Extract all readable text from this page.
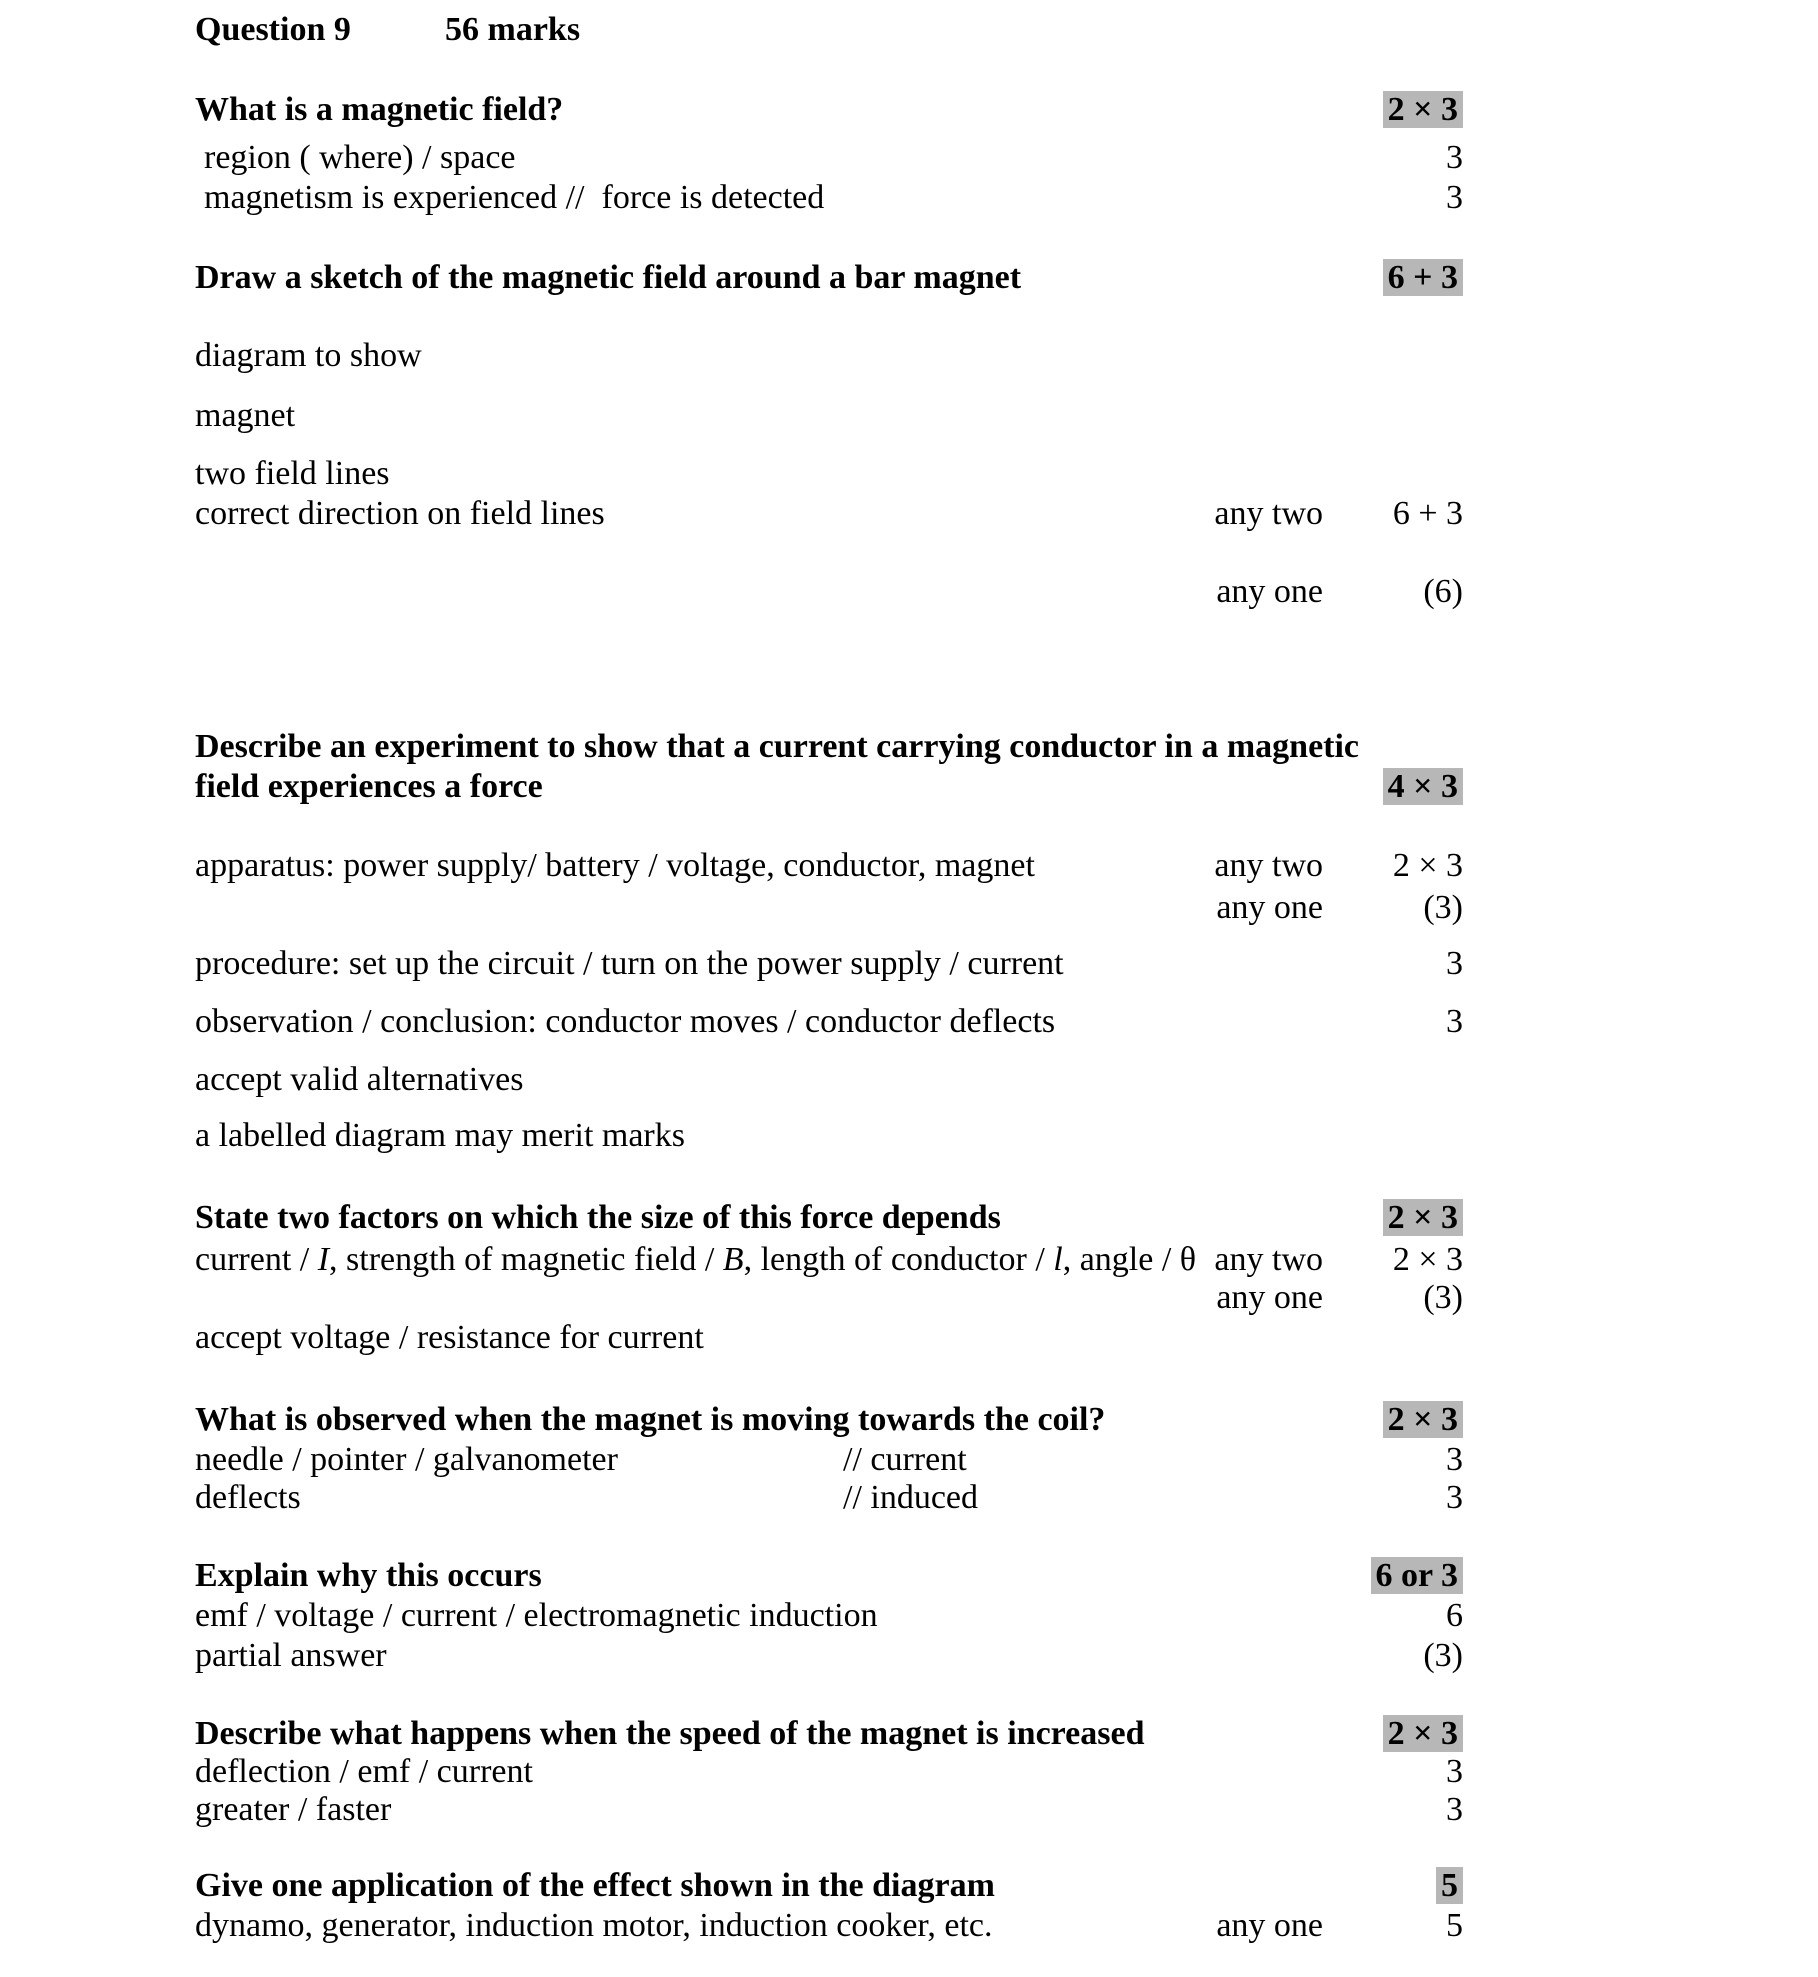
Question 9	56 marks
What is a magnetic field?	2 × 3
region ( where) / space	3
magnetism is experienced //  force is detected	3
Draw a sketch of the magnetic field around a bar magnet	6 + 3
diagram to show
magnet
two field lines
correct direction on field lines	any two	6 + 3
any one	(6)
Describe an experiment to show that a current carrying conductor in a magnetic
field experiences a force	4 × 3
apparatus: power supply/ battery / voltage, conductor, magnet	any two	2 × 3
any one	(3)
procedure: set up the circuit / turn on the power supply / current	3
observation / conclusion: conductor moves / conductor deflects	3
accept valid alternatives
a labelled diagram may merit marks
State two factors on which the size of this force depends	2 × 3
current / I, strength of magnetic field / B, length of conductor / l, angle / θ any two	2 × 3
any one	(3)
accept voltage / resistance for current
What is observed when the magnet is moving towards the coil?	2 × 3
needle / pointer / galvanometer	// current	3
deflects	// induced	3
Explain why this occurs	6 or 3
emf / voltage / current / electromagnetic induction	6
partial answer	(3)
Describe what happens when the speed of the magnet is increased	2 × 3
deflection / emf / current	3
greater / faster	3
Give one application of the effect shown in the diagram	5
dynamo, generator, induction motor, induction cooker, etc.	any one	5
